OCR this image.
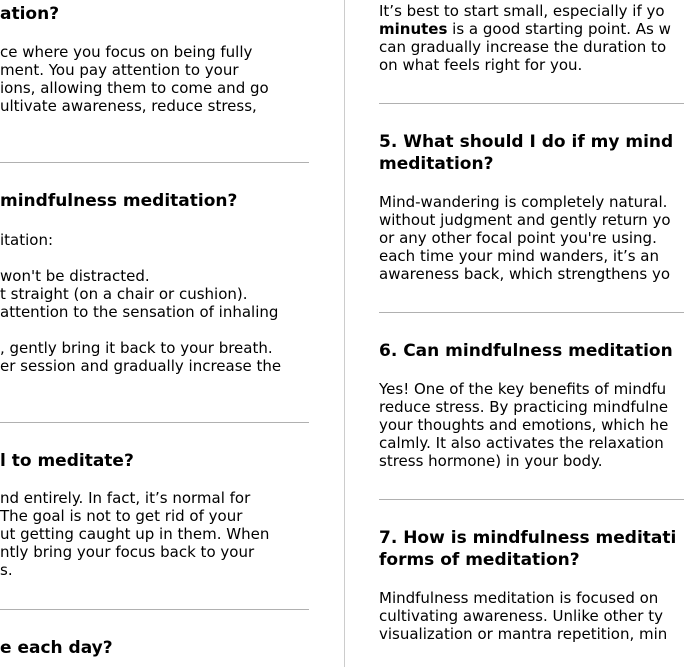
ation?
ce where you focus on being fully
ment. You pay attention to your
ions, allowing them to come and go
ultivate awareness, reduce stress,
mindfulness meditation?
itation:
won't be distracted.
t straight (on a chair or cushion).
attention to the sensation of inhaling
, gently bring it back to your breath.
er session and gradually increase the
l to meditate?
nd entirely. In fact, it’s normal for
The goal is not to get rid of your
ut getting caught up in them. When
ntly bring your focus back to your
s.
e each day?
It’s best to start small, especially if yo
minutes is a good starting point. As w
can gradually increase the duration to
on what feels right for you.
5. What should I do if my mind
meditation?
Mind-wandering is completely natural.
without judgment and gently return yo
or any other focal point you're using.
each time your mind wanders, it’s an
awareness back, which strengthens yo
6. Can mindfulness meditation
Yes! One of the key benefits of mindfu
reduce stress. By practicing mindfulne
your thoughts and emotions, which he
calmly. It also activates the relaxation
stress hormone) in your body.
7. How is mindfulness meditati
forms of meditation?
Mindfulness meditation is focused on
cultivating awareness. Unlike other ty
visualization or mantra repetition, min
